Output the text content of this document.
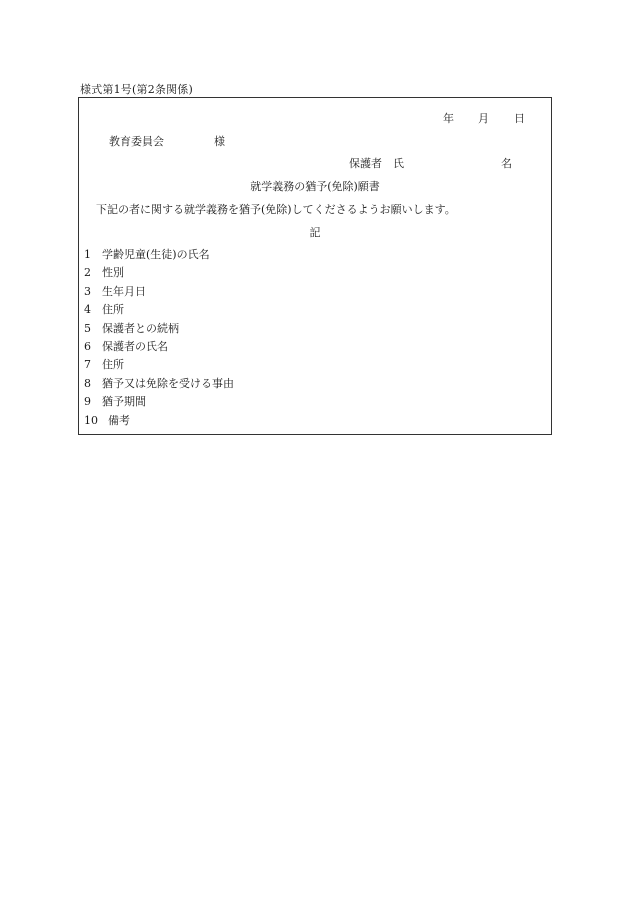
様式第1号(第2条関係)
年 月 日
教育委員会	様
保護者　氏	名
就学義務の猶予(免除)願書
下記の者に関する就学義務を猶予(免除)してくださるようお願いします。
記
1 学齢児童(生徒)の氏名
2 性別
3 生年月日
4 住所
5 保護者との続柄
6 保護者の氏名
7 住所
8 猶予又は免除を受ける事由
9 猶予期間
10 備考
